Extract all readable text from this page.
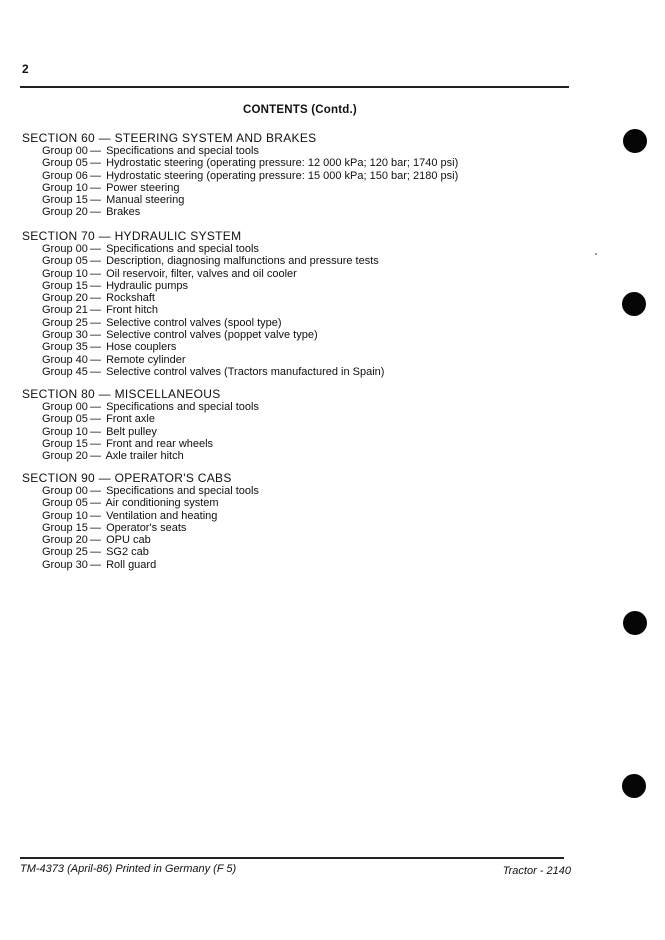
2
CONTENTS (Contd.)
SECTION 60 — STEERING SYSTEM AND BRAKES
Group 00 — Specifications and special tools
Group 05 — Hydrostatic steering (operating pressure: 12 000 kPa; 120 bar; 1740 psi)
Group 06 — Hydrostatic steering (operating pressure: 15 000 kPa; 150 bar; 2180 psi)
Group 10 — Power steering
Group 15 — Manual steering
Group 20 — Brakes
SECTION 70 — HYDRAULIC SYSTEM
Group 00 — Specifications and special tools
Group 05 — Description, diagnosing malfunctions and pressure tests
Group 10 — Oil reservoir, filter, valves and oil cooler
Group 15 — Hydraulic pumps
Group 20 — Rockshaft
Group 21 — Front hitch
Group 25 — Selective control valves (spool type)
Group 30 — Selective control valves (poppet valve type)
Group 35 — Hose couplers
Group 40 — Remote cylinder
Group 45 — Selective control valves (Tractors manufactured in Spain)
SECTION 80 — MISCELLANEOUS
Group 00 — Specifications and special tools
Group 05 — Front axle
Group 10 — Belt pulley
Group 15 — Front and rear wheels
Group 20 — Axle trailer hitch
SECTION 90 — OPERATOR'S CABS
Group 00 — Specifications and special tools
Group 05 — Air conditioning system
Group 10 — Ventilation and heating
Group 15 — Operator's seats
Group 20 — OPU cab
Group 25 — SG2 cab
Group 30 — Roll guard
TM-4373 (April-86) Printed in Germany (F 5)	Tractor - 2140
